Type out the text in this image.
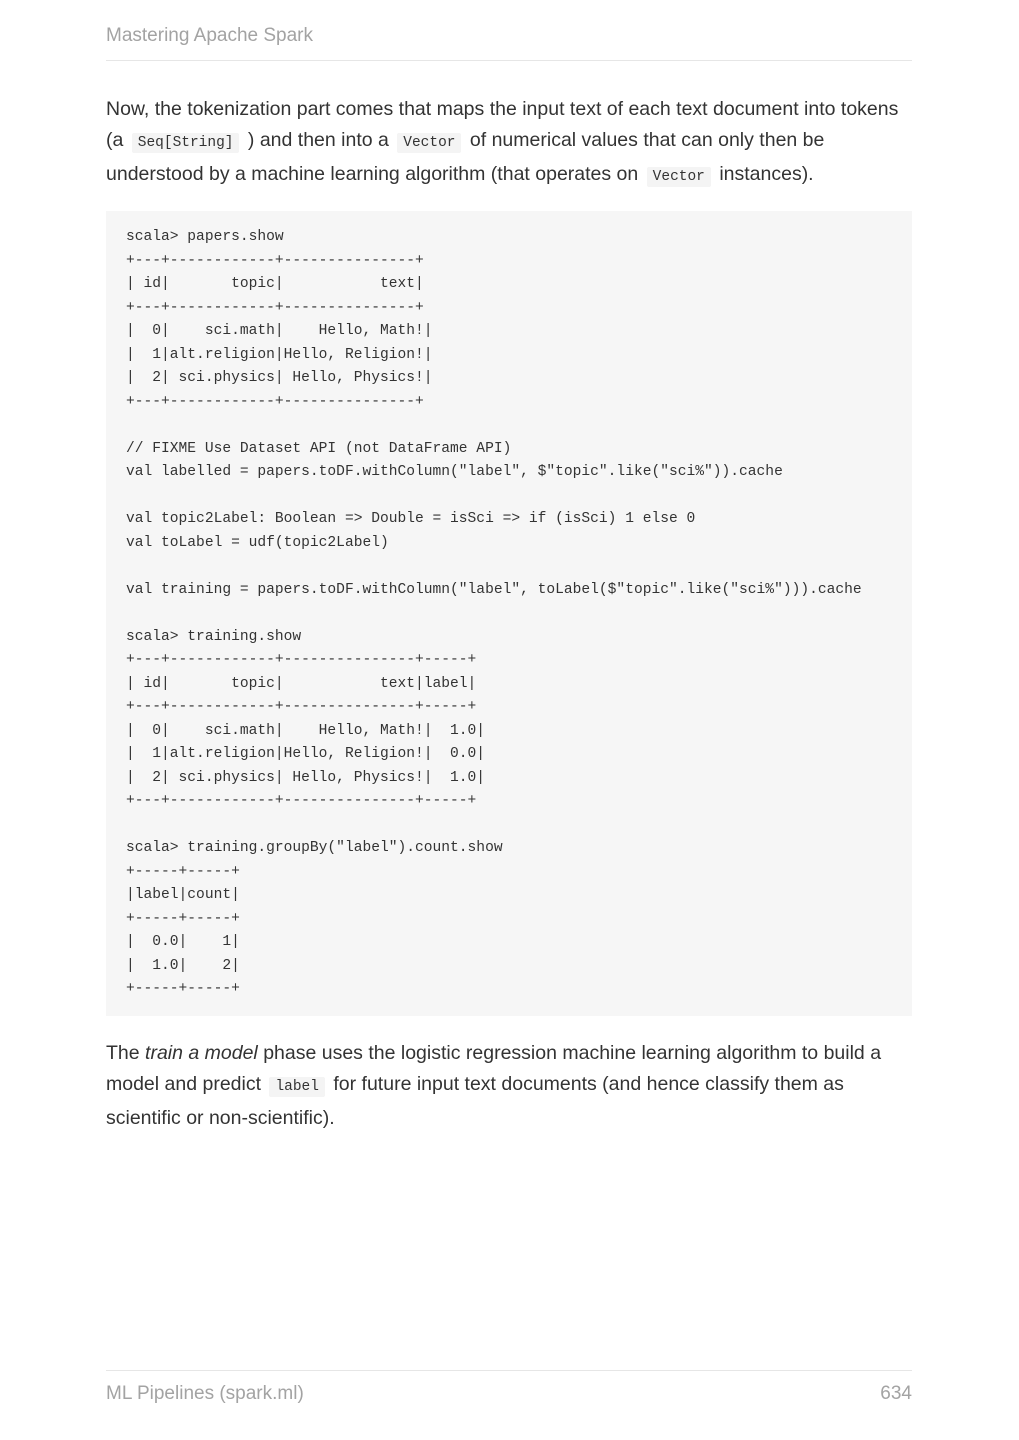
Mastering Apache Spark

Now, the tokenization part comes that maps the input text of each text document into tokens (a Seq[String] ) and then into a Vector of numerical values that can only then be understood by a machine learning algorithm (that operates on Vector instances).

scala> papers.show
+---+------------+---------------+
| id|       topic|           text|
+---+------------+---------------+
|  0|    sci.math|    Hello, Math!|
|  1|alt.religion|Hello, Religion!|
|  2| sci.physics| Hello, Physics!|
+---+------------+---------------+

// FIXME Use Dataset API (not DataFrame API)
val labelled = papers.toDF.withColumn("label", $"topic".like("sci%")).cache

val topic2Label: Boolean => Double = isSci => if (isSci) 1 else 0
val toLabel = udf(topic2Label)

val training = papers.toDF.withColumn("label", toLabel($"topic".like("sci%"))).cache

scala> training.show
+---+------------+---------------+-----+
| id|       topic|           text|label|
+---+------------+---------------+-----+
|  0|    sci.math|    Hello, Math!|  1.0|
|  1|alt.religion|Hello, Religion!|  0.0|
|  2| sci.physics| Hello, Physics!|  1.0|
+---+------------+---------------+-----+

scala> training.groupBy("label").count.show
+-----+-----+
|label|count|
+-----+-----+
|  0.0|    1|
|  1.0|    2|
+-----+-----+

The train a model phase uses the logistic regression machine learning algorithm to build a model and predict label for future input text documents (and hence classify them as scientific or non-scientific).

ML Pipelines (spark.ml)	634
